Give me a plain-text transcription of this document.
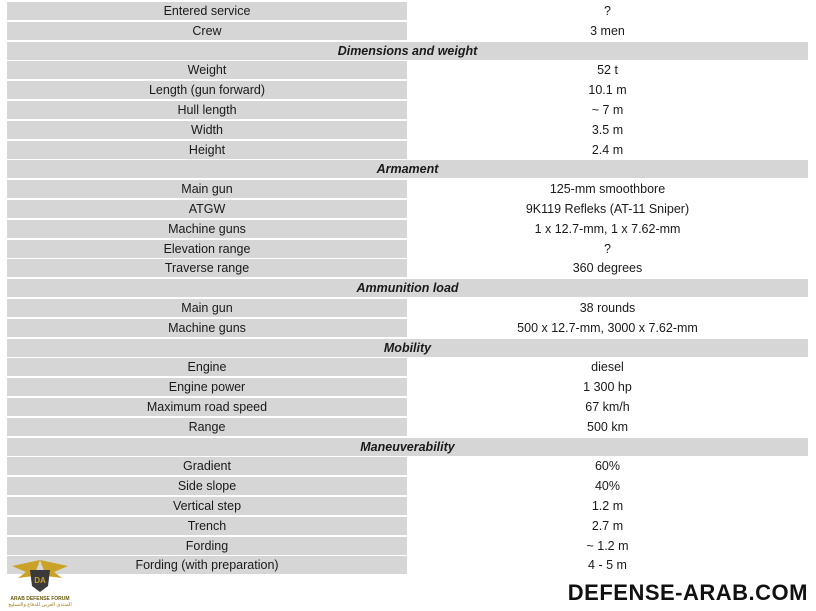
Entered service	?
Crew	3 men
Dimensions and weight
Weight	52 t
Length (gun forward)	10.1 m
Hull length	~ 7 m
Width	3.5 m
Height	2.4 m
Armament
Main gun	125-mm smoothbore
ATGW	9K119 Refleks (AT-11 Sniper)
Machine guns	1 x 12.7-mm, 1 x 7.62-mm
Elevation range	?
Traverse range	360 degrees
Ammunition load
Main gun	38 rounds
Machine guns	500 x 12.7-mm, 3000 x 7.62-mm
Mobility
Engine	diesel
Engine power	1 300 hp
Maximum road speed	67 km/h
Range	500 km
Maneuverability
Gradient	60%
Side slope	40%
Vertical step	1.2 m
Trench	2.7 m
Fording	~ 1.2 m
Fording (with preparation)	4 - 5 m
DA
ARAB DEFENSE FORUM
المنتدى العربي للدفاع والتسليح	DEFENSE-ARAB.COM
